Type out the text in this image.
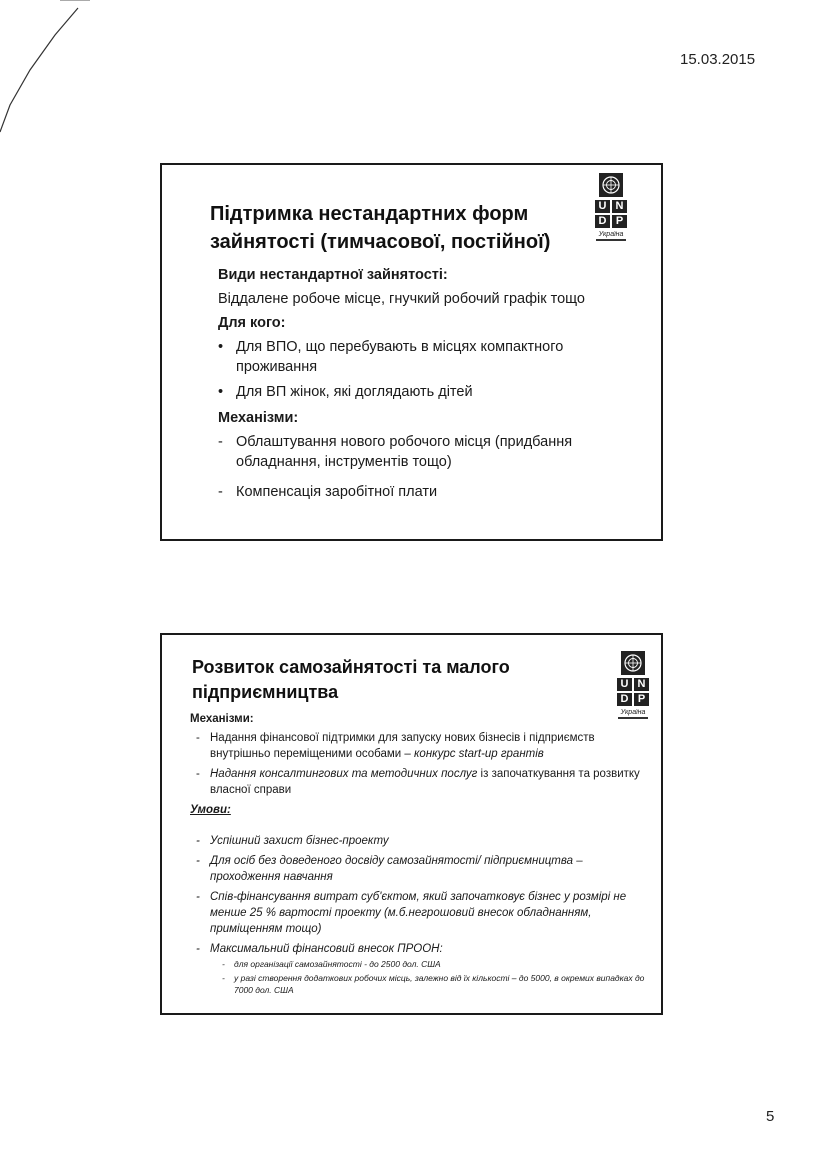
15.03.2015
U N
D P
Україна
Підтримка нестандартних форм зайнятості (тимчасової, постійної)

Види нестандартної зайнятості:

Віддалене робоче місце, гнучкий робочий графік тощо

Для кого:

• Для ВПО, що перебувають в місцях компактного проживання
• Для ВП жінок, які доглядають дітей

Механізми:

- Облаштування нового робочого місця (придбання обладнання, інструментів тощо)
- Компенсація заробітної плати
U N
D P
Україна
Розвиток самозайнятості та малого підприємництва

Механізми:

- Надання фінансової підтримки для запуску нових бізнесів і підприємств внутрішньо переміщеними особами – конкурс start-up грантів
- Надання консалтингових та методичних послуг із започаткування та розвитку власної справи

Умови:

- Успішний захист бізнес-проекту
- Для осіб без доведеного досвіду самозайнятості/ підприємництва – проходження навчання
- Спів-фінансування витрат суб'єктом, який започатковує бізнес у розмірі не менше 25 % вартості проекту (м.б.негрошовий внесок обладнанням, приміщенням тощо)
- Максимальний фінансовий внесок ПРООН:
- для організації самозайнятості - до 2500 дол. США
- у разі створення додаткових робочих місць, залежно від їх кількості – до 5000, в окремих випадках до 7000 дол. США
5
